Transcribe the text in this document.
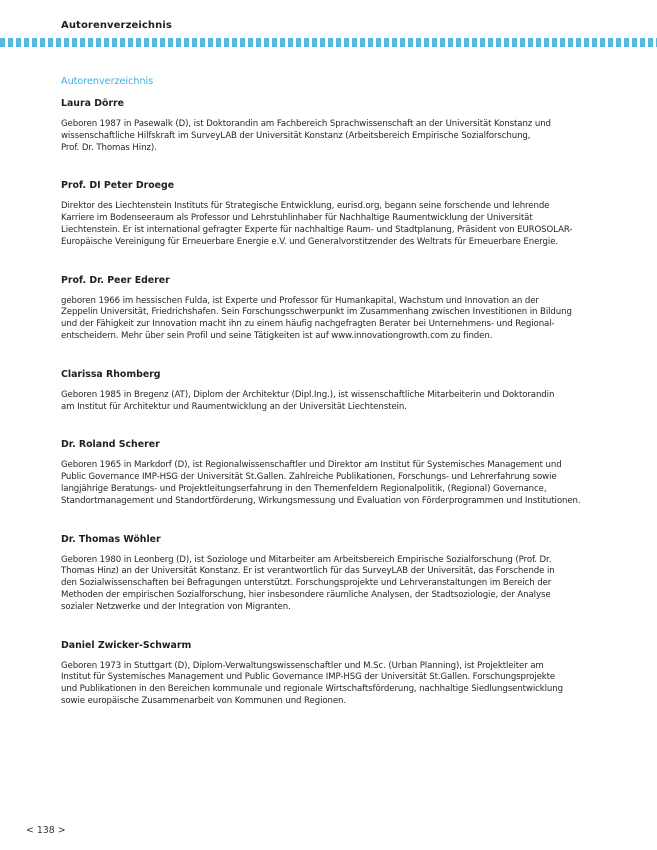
Autorenverzeichnis
Autorenverzeichnis
Laura Dörre

Geboren 1987 in Pasewalk (D), ist Doktorandin am Fachbereich Sprachwissenschaft an der Universität Konstanz und
wissenschaftliche Hilfskraft im SurveyLAB der Universität Konstanz (Arbeitsbereich Empirische Sozialforschung,
Prof. Dr. Thomas Hinz).

Prof. DI Peter Droege

Direktor des Liechtenstein Instituts für Strategische Entwicklung, eurisd.org, begann seine forschende und lehrende
Karriere im Bodenseeraum als Professor und Lehrstuhlinhaber für Nachhaltige Raumentwicklung der Universität
Liechtenstein. Er ist international gefragter Experte für nachhaltige Raum- und Stadtplanung, Präsident von EUROSOLAR-
Europäische Vereinigung für Erneuerbare Energie e.V. und Generalvorstitzender des Weltrats für Erneuerbare Energie.

Prof. Dr. Peer Ederer

geboren 1966 im hessischen Fulda, ist Experte und Professor für Humankapital, Wachstum und Innovation an der
Zeppelin Universität, Friedrichshafen. Sein Forschungsschwerpunkt im Zusammenhang zwischen Investitionen in Bildung
und der Fähigkeit zur Innovation macht ihn zu einem häufig nachgefragten Berater bei Unternehmens- und Regional-
entscheidern. Mehr über sein Profil und seine Tätigkeiten ist auf www.innovationgrowth.com zu finden.

Clarissa Rhomberg

Geboren 1985 in Bregenz (AT), Diplom der Architektur (Dipl.Ing.), ist wissenschaftliche Mitarbeiterin und Doktorandin
am Institut für Architektur und Raumentwicklung an der Universität Liechtenstein.

Dr. Roland Scherer

Geboren 1965 in Markdorf (D), ist Regionalwissenschaftler und Direktor am Institut für Systemisches Management und
Public Governance IMP-HSG der Universität St.Gallen. Zahlreiche Publikationen, Forschungs- und Lehrerfahrung sowie
langjährige Beratungs- und Projektleitungserfahrung in den Themenfeldern Regionalpolitik, (Regional) Governance,
Standortmanagement und Standortförderung, Wirkungsmessung und Evaluation von Förderprogrammen und Institutionen.

Dr. Thomas Wöhler

Geboren 1980 in Leonberg (D), ist Soziologe und Mitarbeiter am Arbeitsbereich Empirische Sozialforschung (Prof. Dr.
Thomas Hinz) an der Universität Konstanz. Er ist verantwortlich für das SurveyLAB der Universität, das Forschende in
den Sozialwissenschaften bei Befragungen unterstützt. Forschungsprojekte und Lehrveranstaltungen im Bereich der
Methoden der empirischen Sozialforschung, hier insbesondere räumliche Analysen, der Stadtsoziologie, der Analyse
sozialer Netzwerke und der Integration von Migranten.

Daniel Zwicker-Schwarm

Geboren 1973 in Stuttgart (D), Diplom-Verwaltungswissenschaftler und M.Sc. (Urban Planning), ist Projektleiter am
Institut für Systemisches Management und Public Governance IMP-HSG der Universität St.Gallen. Forschungsprojekte
und Publikationen in den Bereichen kommunale und regionale Wirtschaftsförderung, nachhaltige Siedlungsentwicklung
sowie europäische Zusammenarbeit von Kommunen und Regionen.

< 138 >
